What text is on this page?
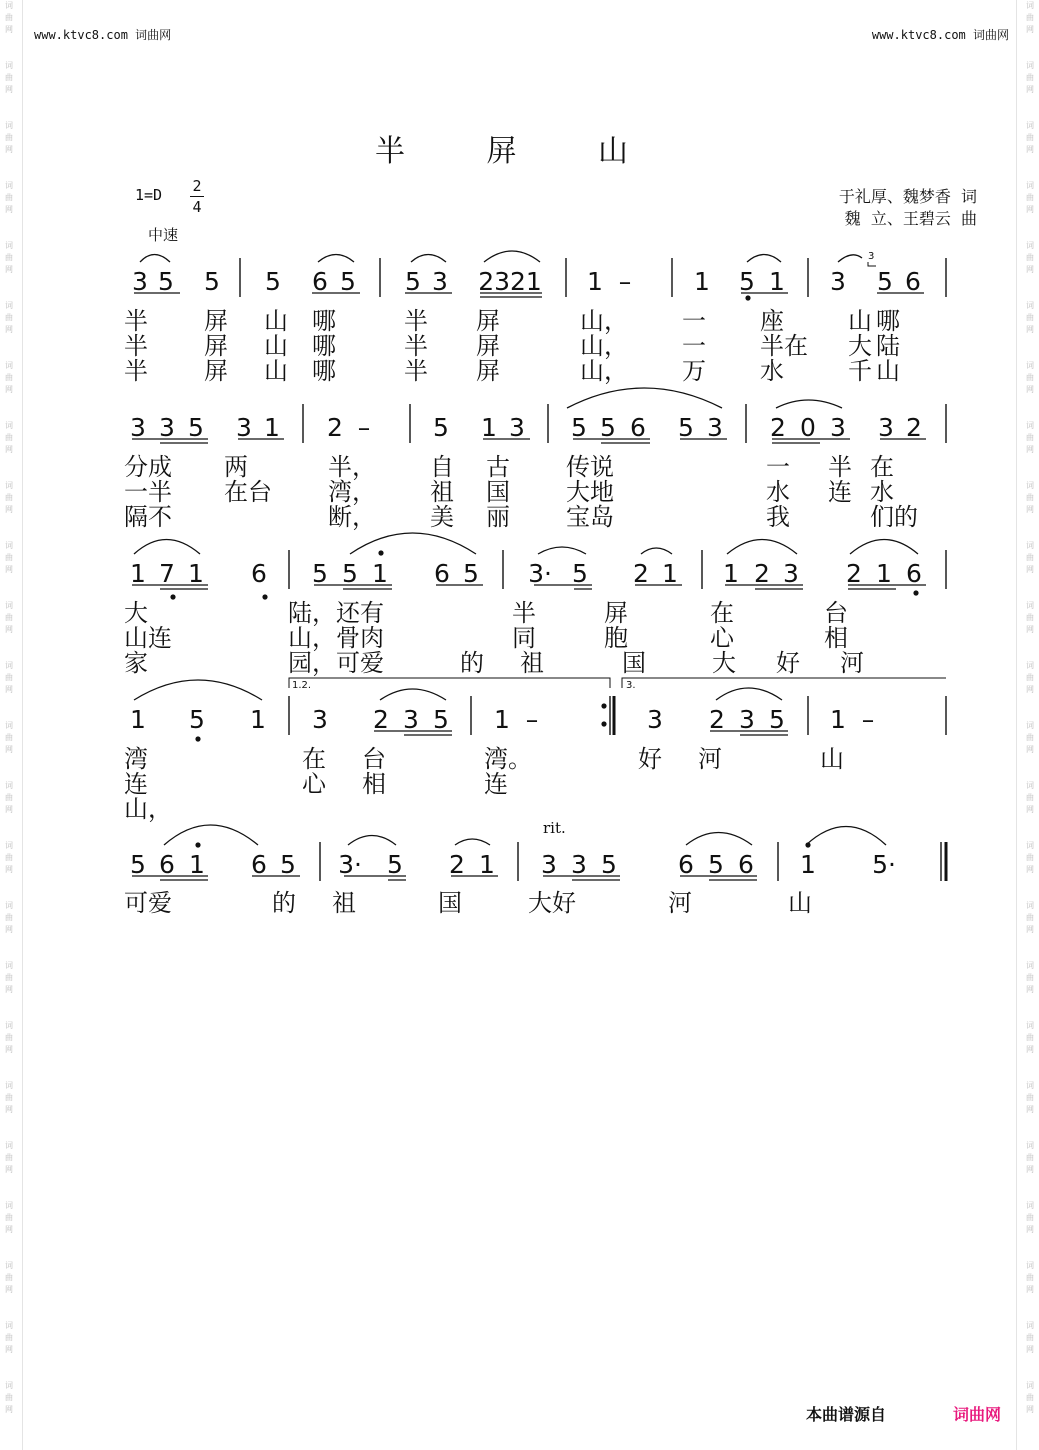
词
曲
网
词
曲
网
词
曲
网
词
曲
网
词
曲
网
词
曲
网
词
曲
网
词
曲
网
词
曲
网
词
曲
网
词
曲
网
词
曲
网
词
曲
网
词
曲
网
词
曲
网
词
曲
网
词
曲
网
词
曲
网
词
曲
网
词
曲
网
词
曲
网
词
曲
网
词
曲
网
词
曲
网
词
曲
网
词
曲
网
词
曲
网
词
曲
网
词
曲
网
词
曲
网
词
曲
网
词
曲
网
词
曲
网
词
曲
网
词
曲
网
词
曲
网
词
曲
网
词
曲
网
词
曲
网
词
曲
网
词
曲
网
词
曲
网
词
曲
网
词
曲
网
词
曲
网
词
曲
网
词
曲
网
词
曲
网
www.ktvc8.com 词曲网	www.ktvc8.com 词曲网
半 屏 山
1=D 2
4
中速
于礼厚、魏梦香  词
魏  立、王碧云  曲
1.2.	3.
3
rit.
3 5 5 5 6 5 5 3 2321 1 –	1 5 1 3 5 6
3 3 5 3 1 2 –	5 1 3 5 5 6 5 3 2 0 3 3 2
1 7 1 6 5 5 1 6 5 3· 5 2 1 1 2 3 2 1 6
1 5 1 3 2 3 5 1 –	3 2 3 5 1 –
5 6 1 6 5 3· 5 2 1 3 3 5 6 5 6 1 5·
半 屏 山 哪	半 屏	山， 一 座	山 哪
半 屏 山 哪	半 屏	山， 一 半在 大 陆
半 屏 山 哪	半 屏	山， 万 水	千 山
分成 两	半， 自 古 传说	一 半 在
一半 在台 湾， 祖 国 大地	水 连 水
隔不	断， 美 丽 宝岛	我	们的
大	陆，还有	半	屏	在	台
山连	山，骨肉	同	胞	心	相
家	园，可爱	的 祖	国	大 好 河
湾	在 台	湾。	好 河	山
连	心 相	连
山，
可爱	的 祖	国	大好	河	山
本曲谱源自	词曲网
